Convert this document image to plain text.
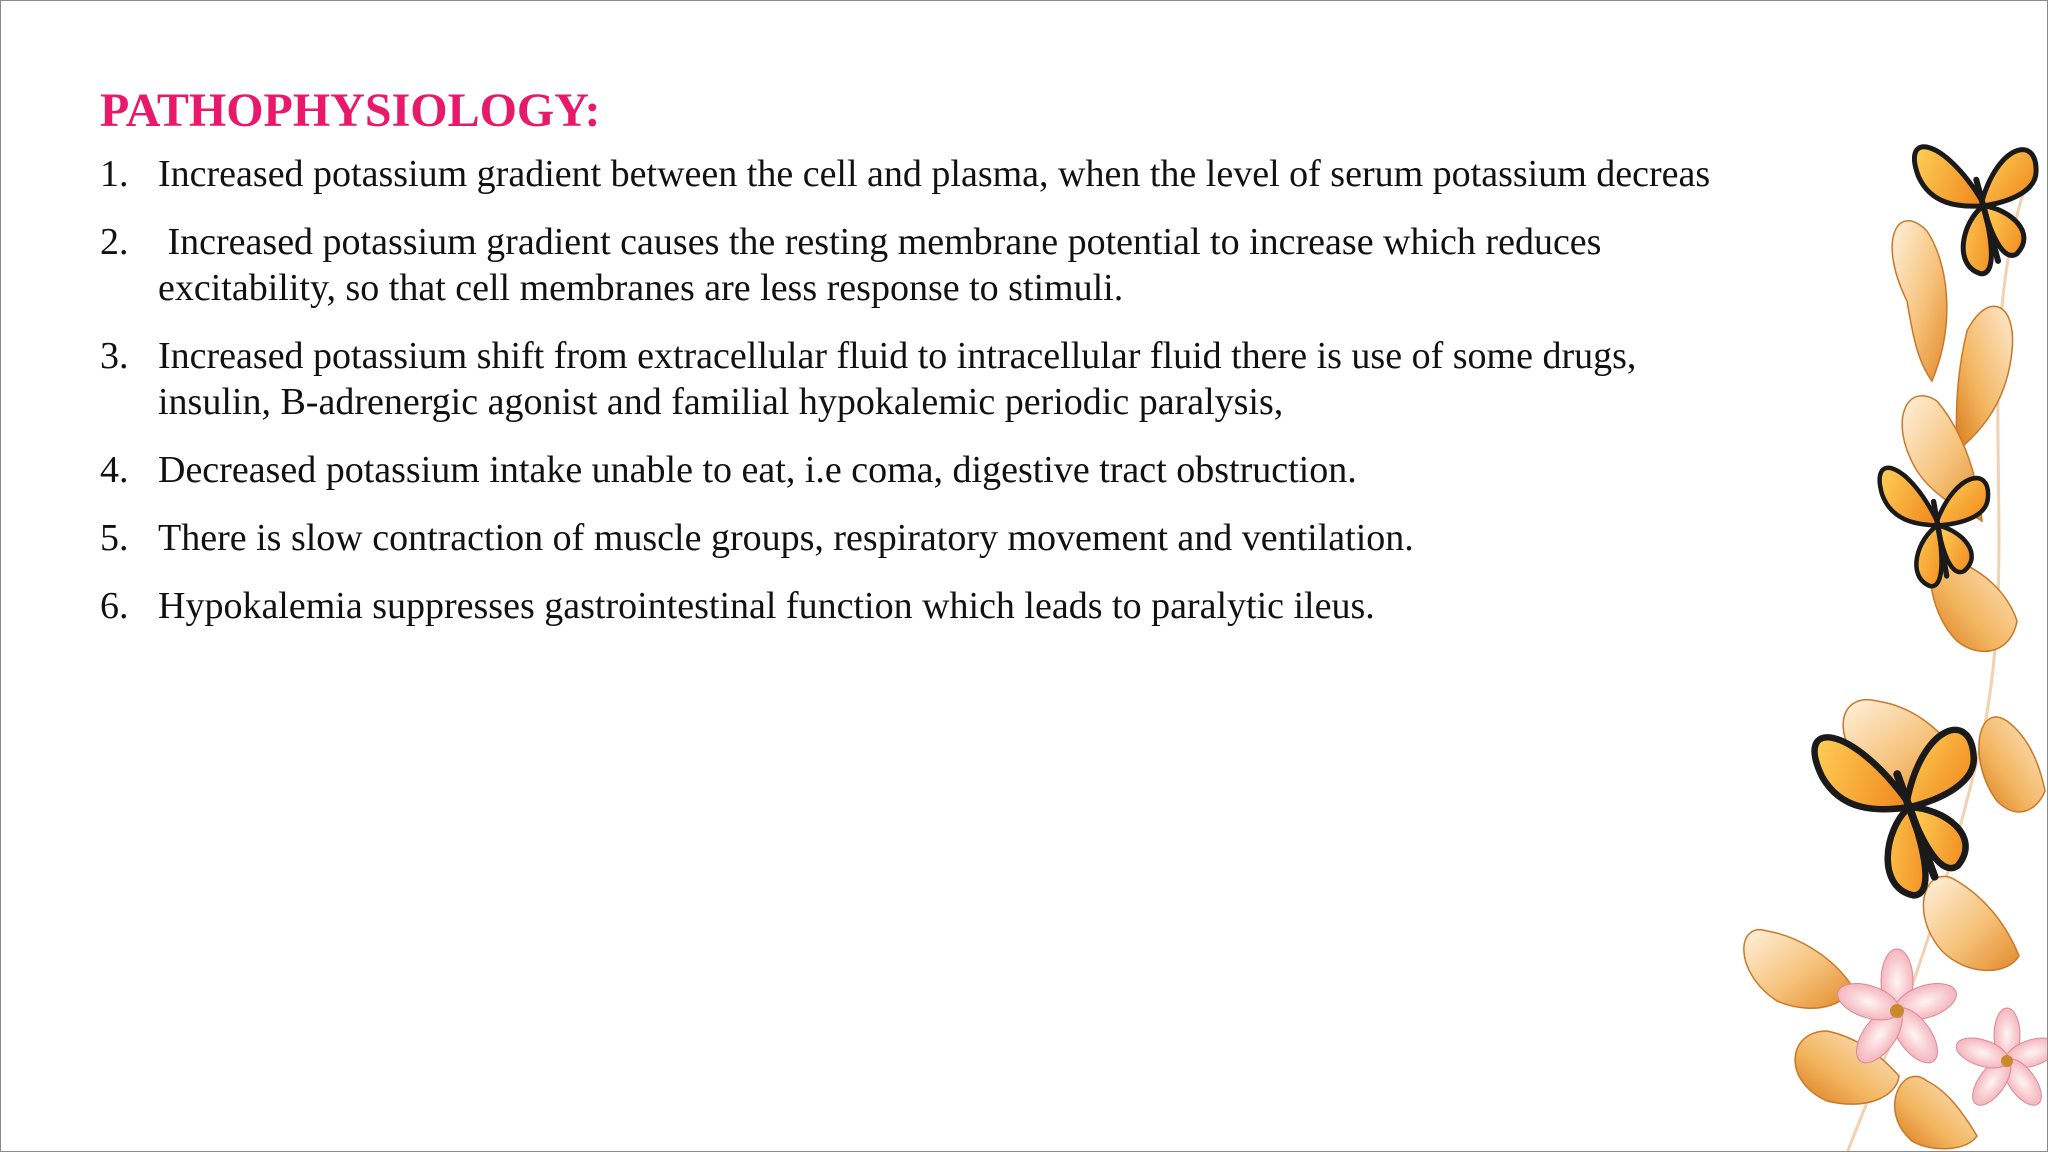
PATHOPHYSIOLOGY:
1. Increased potassium gradient between the cell and plasma, when the level of serum potassium decreas
2. Increased potassium gradient causes the resting membrane potential to increase which reduces
excitability, so that cell membranes are less response to stimuli.
3. Increased potassium shift from extracellular fluid to intracellular fluid there is use of some drugs,
insulin, B-adrenergic agonist and familial hypokalemic periodic paralysis,
4. Decreased potassium intake unable to eat, i.e coma, digestive tract obstruction.
5. There is slow contraction of muscle groups, respiratory movement and ventilation.
6. Hypokalemia suppresses gastrointestinal function which leads to paralytic ileus.
